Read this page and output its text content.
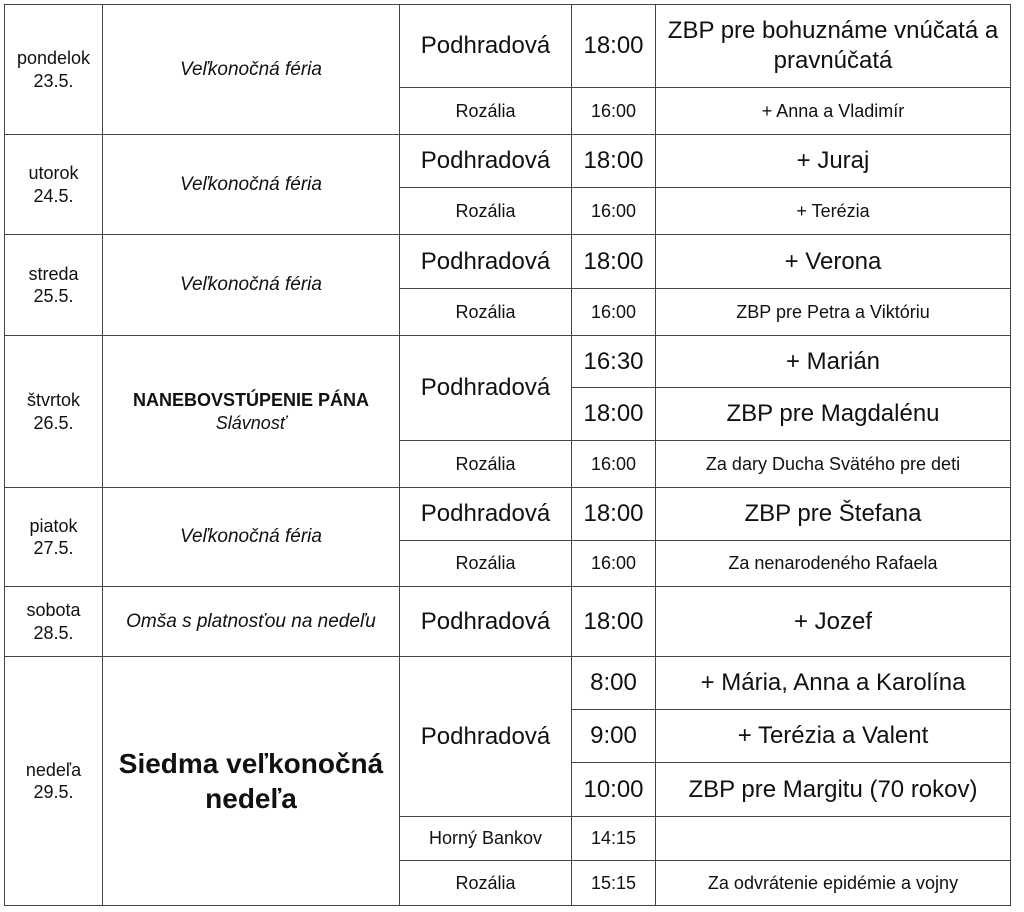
pondelok
23.5.	Veľkonočná féria	Podhradová	18:00	ZBP pre bohuznáme vnúčatá a pravnúčatá
		Rozália	16:00	+ Anna a Vladimír

utorok
24.5.	Veľkonočná féria	Podhradová	18:00	+ Juraj
		Rozália	16:00	+ Terézia

streda
25.5.	Veľkonočná féria	Podhradová	18:00	+ Verona
		Rozália	16:00	ZBP pre Petra a Viktóriu

štvrtok
26.5.	NANEBOVSTÚPENIE PÁNA
Slávnosť	Podhradová	16:30	+ Marián
			18:00	ZBP pre Magdalénu
		Rozália	16:00	Za dary Ducha Svätého pre deti

piatok
27.5.	Veľkonočná féria	Podhradová	18:00	ZBP pre Štefana
		Rozália	16:00	Za nenarodeného Rafaela

sobota
28.5.	Omša s platnosťou na nedeľu	Podhradová	18:00	+ Jozef

nedeľa
29.5.	Siedma veľkonočná nedeľa	Podhradová	8:00	+ Mária, Anna a Karolína
			9:00	+ Terézia a Valent
			10:00	ZBP pre Margitu (70 rokov)
		Horný Bankov	14:15	
		Rozália	15:15	Za odvrátenie epidémie a vojny
